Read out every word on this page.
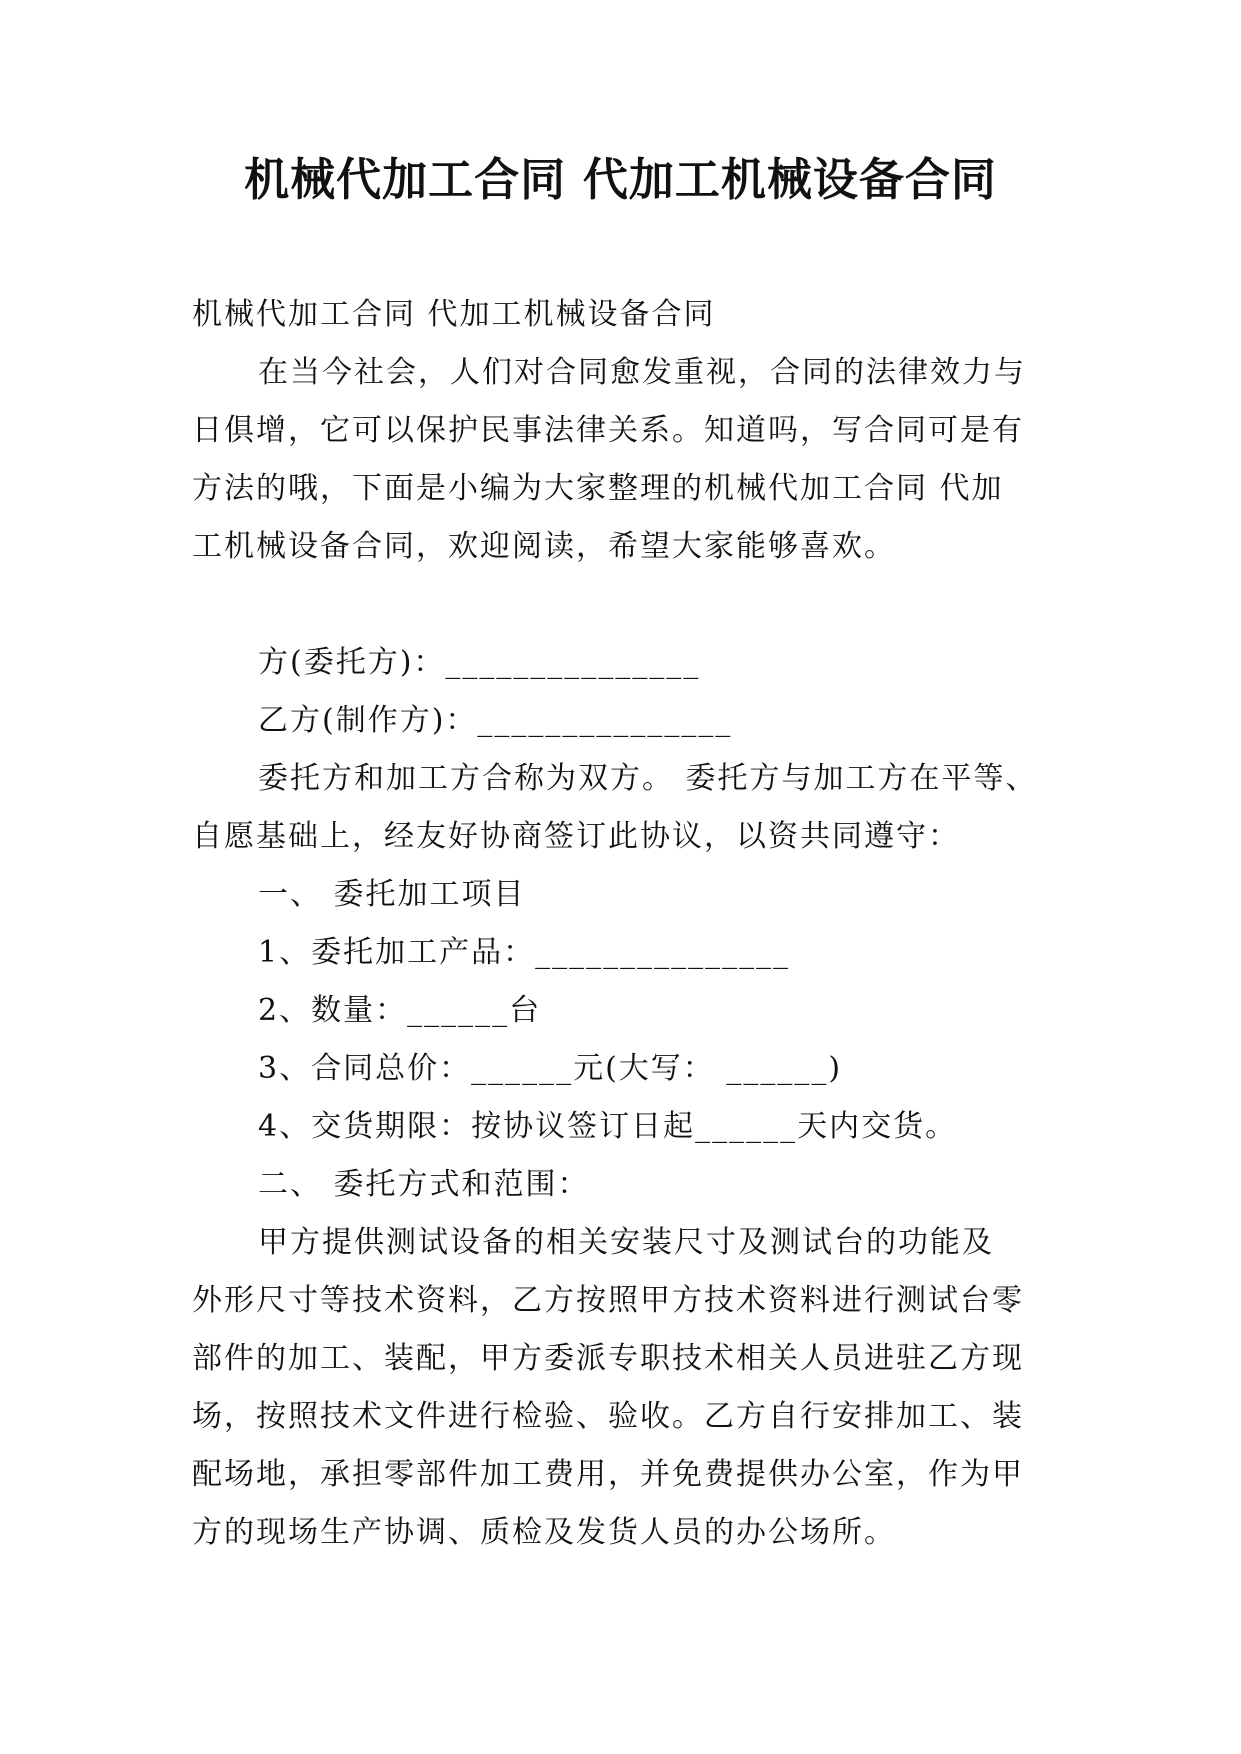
机械代加工合同 代加工机械设备合同
机械代加工合同 代加工机械设备合同
在当今社会，人们对合同愈发重视，合同的法律效力与
日俱增，它可以保护民事法律关系。知道吗，写合同可是有
方法的哦，下面是小编为大家整理的机械代加工合同 代加
工机械设备合同，欢迎阅读，希望大家能够喜欢。
方(委托方)：_______________
乙方(制作方)：_______________
委托方和加工方合称为双方。 委托方与加工方在平等、
自愿基础上，经友好协商签订此协议，以资共同遵守：
一、 委托加工项目
1、委托加工产品：_______________
2、数量：______台
3、合同总价：______元(大写： ______)
4、交货期限：按协议签订日起______天内交货。
二、 委托方式和范围：
甲方提供测试设备的相关安装尺寸及测试台的功能及
外形尺寸等技术资料，乙方按照甲方技术资料进行测试台零
部件的加工、装配，甲方委派专职技术相关人员进驻乙方现
场，按照技术文件进行检验、验收。乙方自行安排加工、装
配场地，承担零部件加工费用，并免费提供办公室，作为甲
方的现场生产协调、质检及发货人员的办公场所。
